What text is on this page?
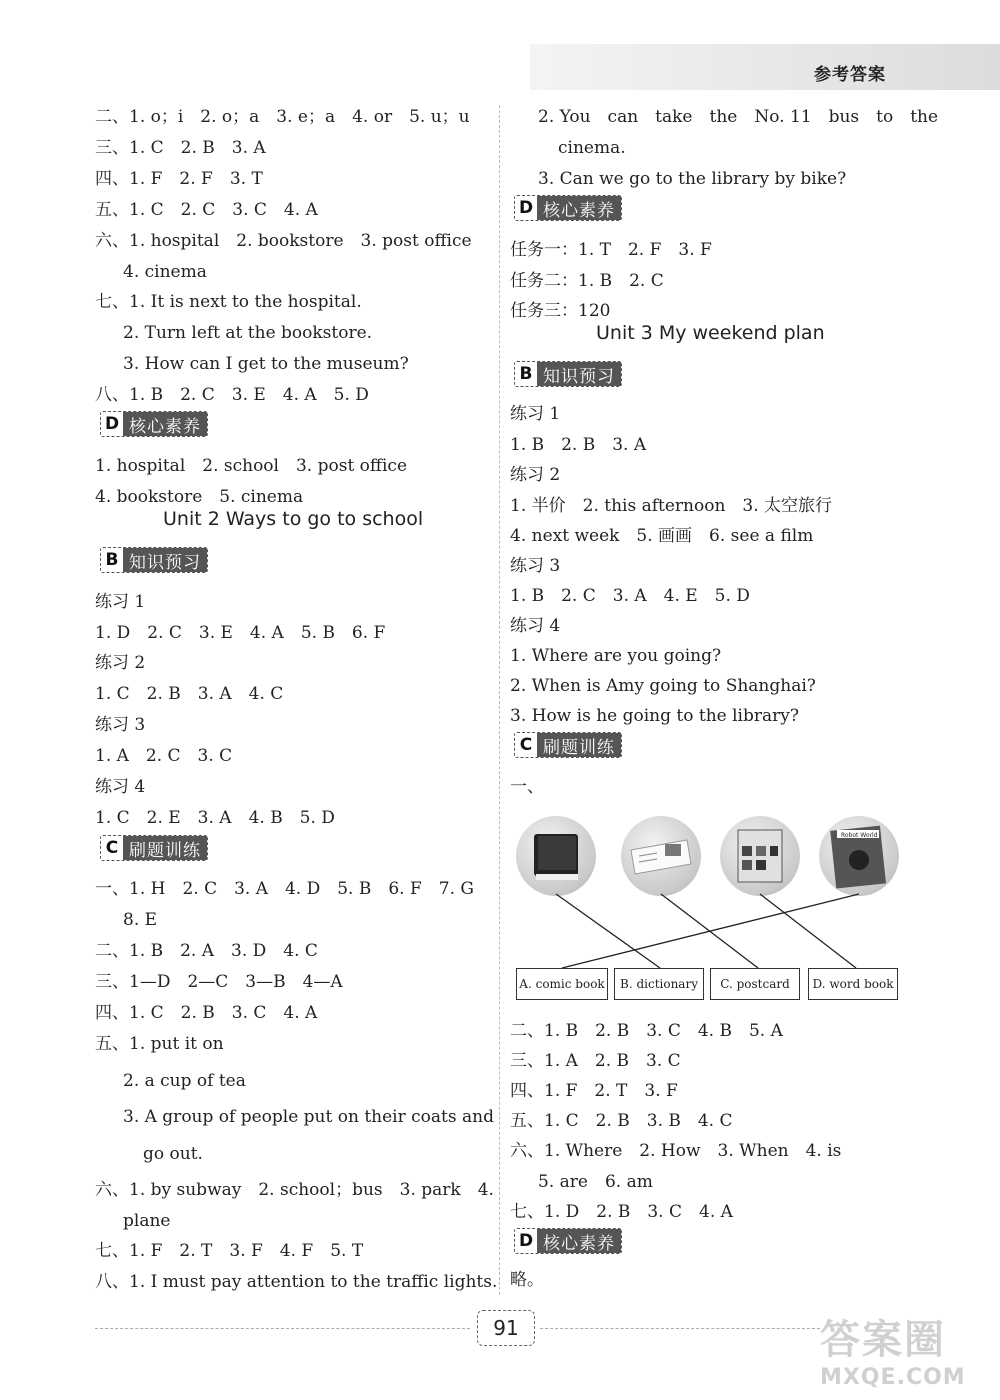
参考答案
二、1. o；i　2. o；a　3. e；a　4. or　5. u；u
三、1. C　2. B　3. A
四、1. F　2. F　3. T
五、1. C　2. C　3. C　4. A
六、1. hospital　2. bookstore　3. post office
4. cinema
七、1. It is next to the hospital.
2. Turn left at the bookstore.
3. How can I get to the museum?
八、1. B　2. C　3. E　4. A　5. D
1. hospital　2. school　3. post office
4. bookstore　5. cinema
练习 1
1. D　2. C　3. E　4. A　5. B　6. F
练习 2
1. C　2. B　3. A　4. C
练习 3
1. A　2. C　3. C
练习 4
1. C　2. E　3. A　4. B　5. D
一、1. H　2. C　3. A　4. D　5. B　6. F　7. G
8. E
二、1. B　2. A　3. D　4. C
三、1—D　2—C　3—B　4—A
四、1. C　2. B　3. C　4. A
五、1. put it on
2. a cup of tea
3. A group of people put on their coats and
go out.
六、1. by subway　2. school；bus　3. park　4.
plane
七、1. F　2. T　3. F　4. F　5. T
八、1. I must pay attention to the traffic lights.
D 核心素养
B 知识预习
C 刷题训练
2. You　can　take　the　No. 11　bus　to　the
cinema.
3. Can we go to the library by bike?
任务一：1. T　2. F　3. F
任务二：1. B　2. C
任务三：120
练习 1
1. B　2. B　3. A
练习 2
1. 半价　2. this afternoon　3. 太空旅行
4. next week　5. 画画　6. see a film
练习 3
1. B　2. C　3. A　4. E　5. D
练习 4
1. Where are you going?
2. When is Amy going to Shanghai?
3. How is he going to the library?
一、
二、1. B　2. B　3. C　4. B　5. A
三、1. A　2. B　3. C
四、1. F　2. T　3. F
五、1. C　2. B　3. B　4. C
六、1. Where　2. How　3. When　4. is
5. are　6. am
七、1. D　2. B　3. C　4. A
略。
D 核心素养
B 知识预习
C 刷题训练
D 核心素养
Unit 2 Ways to go to school
Unit 3 My weekend plan
Robot World
A. comic book	B. dictionary	C. postcard	D. word book
91	答案圈
MXQE.COM
